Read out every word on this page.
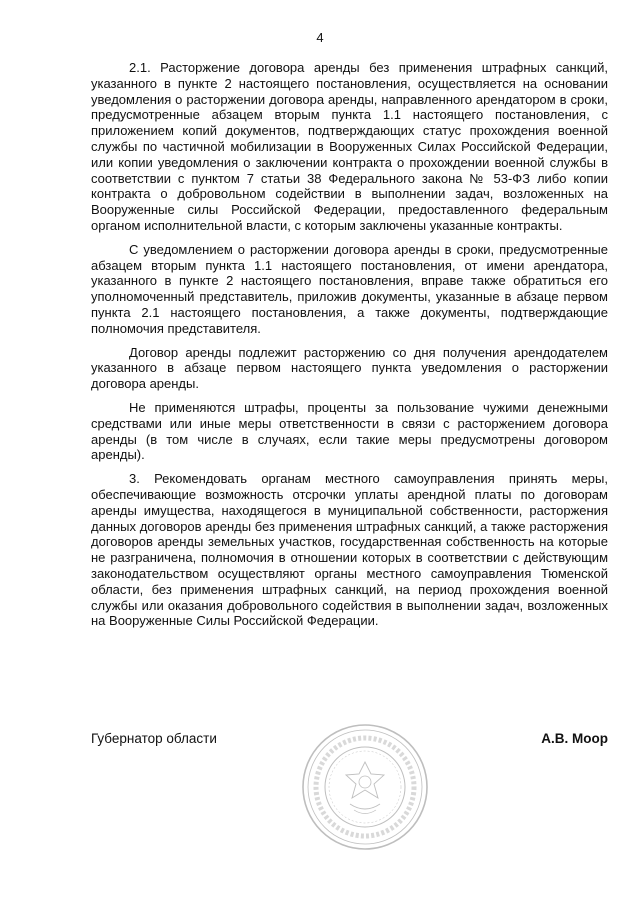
4

2.1. Расторжение договора аренды без применения штрафных санкций, указанного в пункте 2 настоящего постановления, осуществляется на основании уведомления о расторжении договора аренды, направленного арендатором в сроки, предусмотренные абзацем вторым пункта 1.1 настоящего постановления, с приложением копий документов, подтверждающих статус прохождения военной службы по частичной мобилизации в Вооруженных Силах Российской Федерации, или копии уведомления о заключении контракта о прохождении военной службы в соответствии с пунктом 7 статьи 38 Федерального закона № 53-ФЗ либо копии контракта о добровольном содействии в выполнении задач, возложенных на Вооруженные силы Российской Федерации, предоставленного федеральным органом исполнительной власти, с которым заключены указанные контракты.

С уведомлением о расторжении договора аренды в сроки, предусмотренные абзацем вторым пункта 1.1 настоящего постановления, от имени арендатора, указанного в пункте 2 настоящего постановления, вправе также обратиться его уполномоченный представитель, приложив документы, указанные в абзаце первом пункта 2.1 настоящего постановления, а также документы, подтверждающие полномочия представителя.

Договор аренды подлежит расторжению со дня получения арендодателем указанного в абзаце первом настоящего пункта уведомления о расторжении договора аренды.

Не применяются штрафы, проценты за пользование чужими денежными средствами или иные меры ответственности в связи с расторжением договора аренды (в том числе в случаях, если такие меры предусмотрены договором аренды).

3. Рекомендовать органам местного самоуправления принять меры, обеспечивающие возможность отсрочки уплаты арендной платы по договорам аренды имущества, находящегося в муниципальной собственности, расторжения данных договоров аренды без применения штрафных санкций, а также расторжения договоров аренды земельных участков, государственная собственность на которые не разграничена, полномочия в отношении которых в соответствии с действующим законодательством осуществляют органы местного самоуправления Тюменской области, без применения штрафных санкций, на период прохождения военной службы или оказания добровольного содействия в выполнении задач, возложенных на Вооруженные Силы Российской Федерации.

Губернатор области	А.В. Моор
